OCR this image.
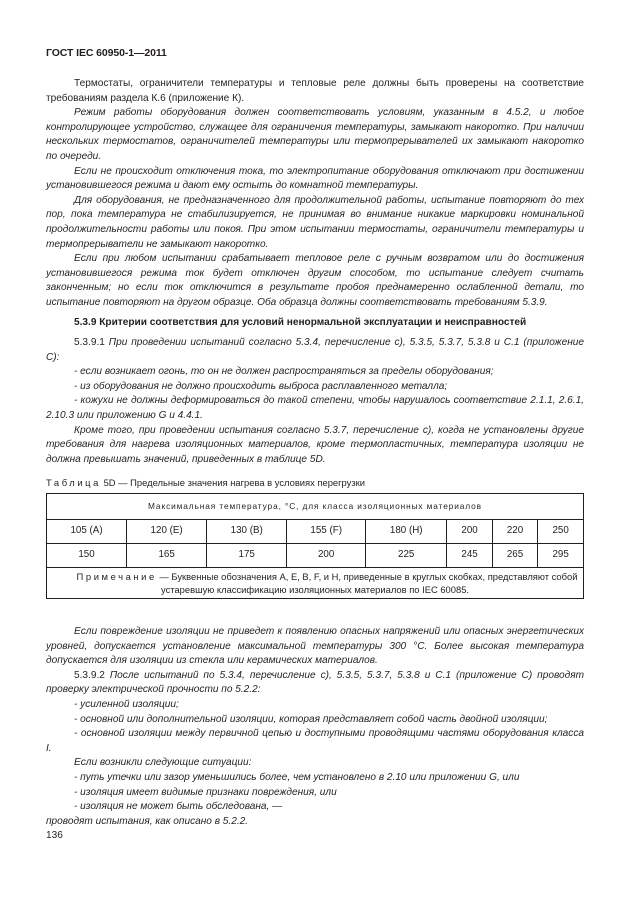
ГОСТ IEC 60950-1—2011

Термостаты, ограничители температуры и тепловые реле должны быть проверены на соответствие требованиям раздела К.6 (приложение К).

Режим работы оборудования должен соответствовать условиям, указанным в 4.5.2, и любое контролирующее устройство, служащее для ограничения температуры, замыкают накоротко. При наличии нескольких термостатов, ограничителей температуры или термопрерывателей их замыкают накоротко по очереди.

Если не происходит отключения тока, то электропитание оборудования отключают при достижении установившегося режима и дают ему остыть до комнатной температуры.

Для оборудования, не предназначенного для продолжительной работы, испытание повторяют до тех пор, пока температура не стабилизируется, не принимая во внимание никакие маркировки номинальной продолжительности работы или покоя. При этом испытании термостаты, ограничители температуры и термопрерыватели не замыкают накоротко.

Если при любом испытании срабатывает тепловое реле с ручным возвратом или до достижения установившегося режима ток будет отключен другим способом, то испытание следует считать законченным; но если ток отключится в результате пробоя преднамеренно ослабленной детали, то испытание повторяют на другом образце. Оба образца должны соответствовать требованиям 5.3.9.

5.3.9 Критерии соответствия для условий ненормальной эксплуатации и неисправностей

5.3.9.1 При проведении испытаний согласно 5.3.4, перечисление с), 5.3.5, 5.3.7, 5.3.8 и С.1 (приложение С):

- если возникает огонь, то он не должен распространяться за пределы оборудования;

- из оборудования не должно происходить выброса расплавленного металла;

- кожухи не должны деформироваться до такой степени, чтобы нарушалось соответствие 2.1.1, 2.6.1, 2.10.3 или приложению G и 4.4.1.

Кроме того, при проведении испытания согласно 5.3.7, перечисление с), когда не установлены другие требования для нагрева изоляционных материалов, кроме термопластичных, температура изоляции не должна превышать значений, приведенных в таблице 5D.

Таблица 5D — Предельные значения нагрева в условиях перегрузки
Максимальная температура, °С, для класса изоляционных материалов							
105 (A)	120 (E)	130 (B)	155 (F)	180 (H)	200	220	250
150	165	175	200	225	245	265	295
Примечание — Буквенные обозначения А, Е, В, F, и Н, приведенные в круглых скобках, представляют собой устаревшую классификацию изоляционных материалов по IEC 60085.							

Если повреждение изоляции не приведет к появлению опасных напряжений или опасных энергетических уровней, допускается установление максимальной температуры 300 °С. Более высокая температура допускается для изоляции из стекла или керамических материалов.

5.3.9.2 После испытаний по 5.3.4, перечисление с), 5.3.5, 5.3.7, 5.3.8 и С.1 (приложение С) проводят проверку электрической прочности по 5.2.2:

- усиленной изоляции;

- основной или дополнительной изоляции, которая представляет собой часть двойной изоляции;

- основной изоляции между первичной цепью и доступными проводящими частями оборудования класса I.

Если возникли следующие ситуации:

- путь утечки или зазор уменьшились более, чем установлено в 2.10 или приложении G, или

- изоляция имеет видимые признаки повреждения, или

- изоляция не может быть обследована, —

проводят испытания, как описано в 5.2.2.

136
